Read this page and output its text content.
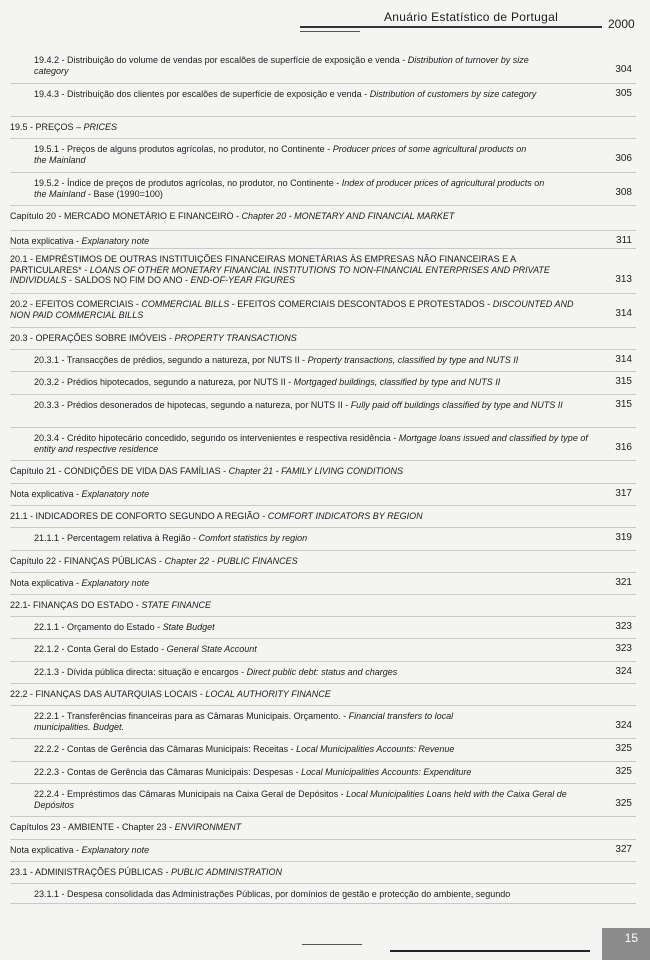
Anuário Estatístico de Portugal	2000
19.4.2 - Distribuição do volume de vendas por escalões de superfície de exposição e venda - Distribution of turnover by size category	304
19.4.3 - Distribuição dos clientes por escalões de superfície de exposição e venda - Distribution of customers by size category	305
19.5 - PREÇOS – PRICES
19.5.1 - Preços de alguns produtos agrícolas, no produtor, no Continente - Producer prices of some agricultural products on the Mainland	306
19.5.2 - Índice de preços de produtos agrícolas, no produtor, no Continente - Index of producer prices of agricultural products on the Mainland - Base (1990=100)	308
Capítulo 20 - MERCADO MONETÁRIO E FINANCEIRO - Chapter 20 - MONETARY AND FINANCIAL MARKET
Nota explicativa - Explanatory note	311
20.1 - EMPRÉSTIMOS DE OUTRAS INSTITUIÇÕES FINANCEIRAS MONETÁRIAS ÀS EMPRESAS NÃO FINANCEIRAS E A PARTICULARES* - LOANS OF OTHER MONETARY FINANCIAL INSTITUTIONS TO NON-FINANCIAL ENTERPRISES AND PRIVATE INDIVIDUALS - SALDOS NO FIM DO ANO - END-OF-YEAR FIGURES	313
20.2 - EFEITOS COMERCIAIS - COMMERCIAL BILLS - EFEITOS COMERCIAIS DESCONTADOS E PROTESTADOS - DISCOUNTED AND NON PAID COMMERCIAL BILLS	314
20.3 - OPERAÇÕES SOBRE IMÓVEIS - PROPERTY TRANSACTIONS
20.3.1 - Transacções de prédios, segundo a natureza, por NUTS II - Property transactions, classified by type and NUTS II	314
20.3.2 - Prédios hipotecados, segundo a natureza, por NUTS II - Mortgaged buildings, classified by type and NUTS II	315
20.3.3 - Prédios desonerados de hipotecas, segundo a natureza, por NUTS II - Fully paid off buildings classified by type and NUTS II	315
20.3.4 - Crédito hipotecário concedido, segundo os intervenientes e respectiva residência - Mortgage loans issued and classified by type of entity and respective residence	316
Capítulo 21 - CONDIÇÕES DE VIDA DAS FAMÍLIAS - Chapter 21 - FAMILY LIVING CONDITIONS
Nota explicativa - Explanatory note	317
21.1 - INDICADORES DE CONFORTO SEGUNDO A REGIÃO - COMFORT INDICATORS BY REGION
21.1.1 - Percentagem relativa à Região - Comfort statistics by region	319
Capítulo 22 - FINANÇAS PÚBLICAS - Chapter 22 - PUBLIC FINANCES
Nota explicativa - Explanatory note	321
22.1- FINANÇAS DO ESTADO - STATE FINANCE
22.1.1 - Orçamento do Estado - State Budget	323
22.1.2 - Conta Geral do Estado - General State Account	323
22.1.3 - Dívida pública directa: situação e encargos - Direct public debt: status and charges	324
22.2 - FINANÇAS DAS AUTARQUIAS LOCAIS - LOCAL AUTHORITY FINANCE
22.2.1 - Transferências financeiras para as Câmaras Municipais. Orçamento. - Financial transfers to local municipalities. Budget.	324
22.2.2 - Contas de Gerência das Câmaras Municipais: Receitas - Local Municipalities Accounts: Revenue	325
22.2.3 - Contas de Gerência das Câmaras Municipais: Despesas - Local Municipalities Accounts: Expenditure	325
22.2.4 - Empréstimos das Câmaras Municipais na Caixa Geral de Depósitos - Local Municipalities Loans held with the Caixa Geral de Depósitos	325
Capítulos 23 - AMBIENTE - Chapter 23 - ENVIRONMENT
Nota explicativa - Explanatory note	327
23.1 - ADMINISTRAÇÕES PÚBLICAS - PUBLIC ADMINISTRATION
23.1.1 - Despesa consolidada das Administrações Públicas, por domínios de gestão e protecção do ambiente, segundo
15
